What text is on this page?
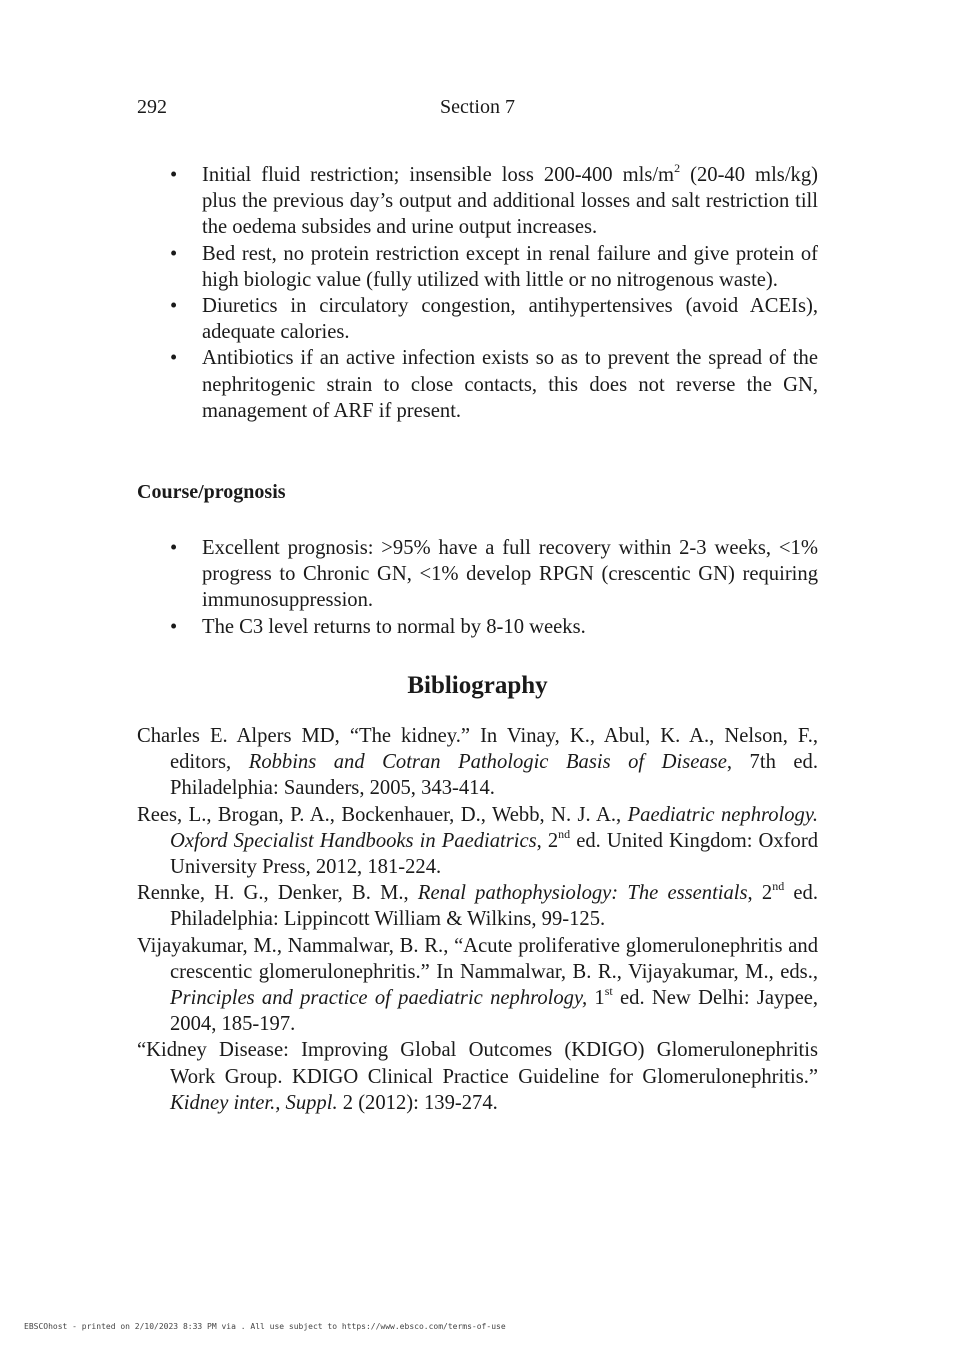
292	Section 7
• Initial fluid restriction; insensible loss 200-400 mls/$m^2$ (20-40 mls/kg) plus the previous day’s output and additional losses and salt restriction till the oedema subsides and urine output increases.
• Bed rest, no protein restriction except in renal failure and give protein of high biologic value (fully utilized with little or no nitrogenous waste).
• Diuretics in circulatory congestion, antihypertensives (avoid ACEIs), adequate calories.
• Antibiotics if an active infection exists so as to prevent the spread of the nephritogenic strain to close contacts, this does not reverse the GN, management of ARF if present.
Course/prognosis
• Excellent prognosis: >95% have a full recovery within 2-3 weeks, <1% progress to Chronic GN, <1% develop RPGN (crescentic GN) requiring immunosuppression.
• The C3 level returns to normal by 8-10 weeks.
Bibliography
Charles E. Alpers MD, “The kidney.” In Vinay, K., Abul, K. A., Nelson, F., editors, Robbins and Cotran Pathologic Basis of Disease, 7th ed. Philadelphia: Saunders, 2005, 343-414.
Rees, L., Brogan, P. A., Bockenhauer, D., Webb, N. J. A., Paediatric nephrology. Oxford Specialist Handbooks in Paediatrics, 2nd ed. United Kingdom: Oxford University Press, 2012, 181-224.
Rennke, H. G., Denker, B. M., Renal pathophysiology: The essentials, 2nd ed. Philadelphia: Lippincott William & Wilkins, 99-125.
Vijayakumar, M., Nammalwar, B. R., “Acute proliferative glomerulonephritis and crescentic glomerulonephritis.” In Nammalwar, B. R., Vijayakumar, M., eds., Principles and practice of paediatric nephrology, 1st ed. New Delhi: Jaypee, 2004, 185-197.
“Kidney Disease: Improving Global Outcomes (KDIGO) Glomerulonephritis Work Group. KDIGO Clinical Practice Guideline for Glomerulonephritis.” Kidney inter., Suppl. 2 (2012): 139-274.
EBSCOhost - printed on 2/10/2023 8:33 PM via . All use subject to https://www.ebsco.com/terms-of-use
